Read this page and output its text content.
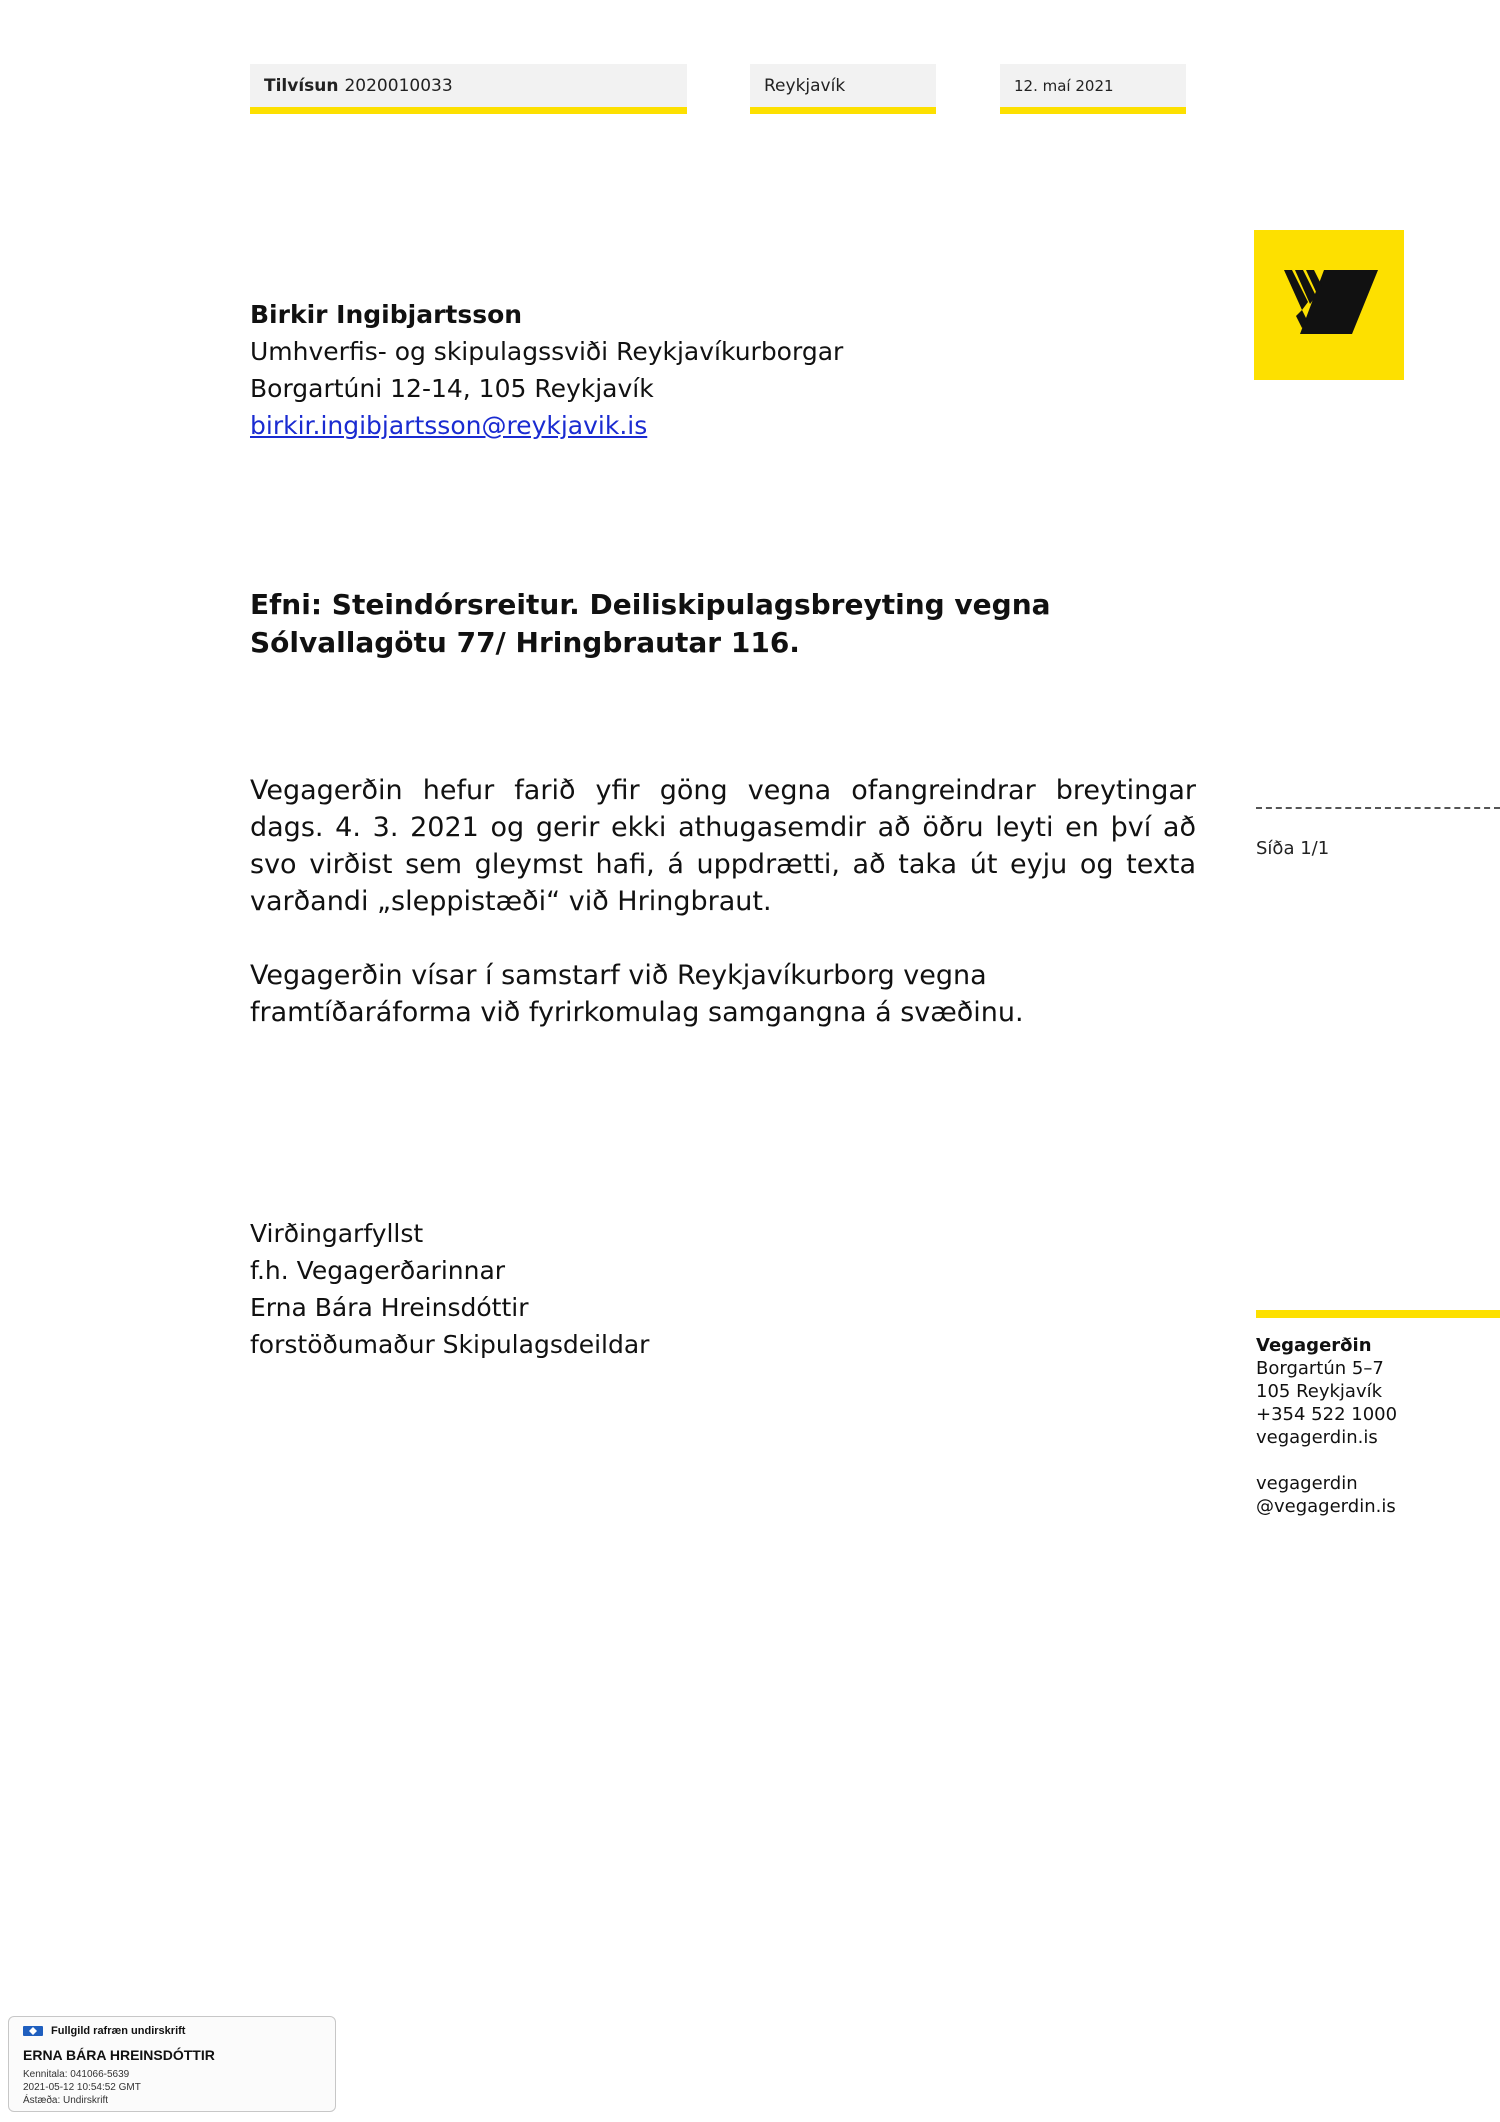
Tilvísun 2020010033	Reykjavík	12. maí 2021
Birkir Ingibjartsson
Umhverfis- og skipulagssviði Reykjavíkurborgar
Borgartúni 12-14, 105 Reykjavík
birkir.ingibjartsson@reykjavik.is
Efni: Steindórsreitur. Deiliskipulagsbreyting vegna Sólvallagötu 77/ Hringbrautar 116.

Vegagerðin hefur farið yfir göng vegna ofangreindrar breytingar dags. 4. 3. 2021 og gerir ekki athugasemdir að öðru leyti en því að svo virðist sem gleymst hafi, á uppdrætti, að taka út eyju og texta varðandi „sleppistæði“ við Hringbraut.

Vegagerðin vísar í samstarf við Reykjavíkurborg vegna framtíðaráforma við fyrirkomulag samgangna á svæðinu.

Síða 1/1
Virðingarfyllst
f.h. Vegagerðarinnar
Erna Bára Hreinsdóttir
forstöðumaður Skipulagsdeildar	Vegagerðin
Borgartún 5–7
105 Reykjavík
+354 522 1000
vegagerdin.is
vegagerdin
@vegagerdin.is
Fullgild rafræn undirskrift
ERNA BÁRA HREINSDÓTTIR
Kennitala: 041066-5639
2021-05-12 10:54:52 GMT
Ástæða: Undirskrift
